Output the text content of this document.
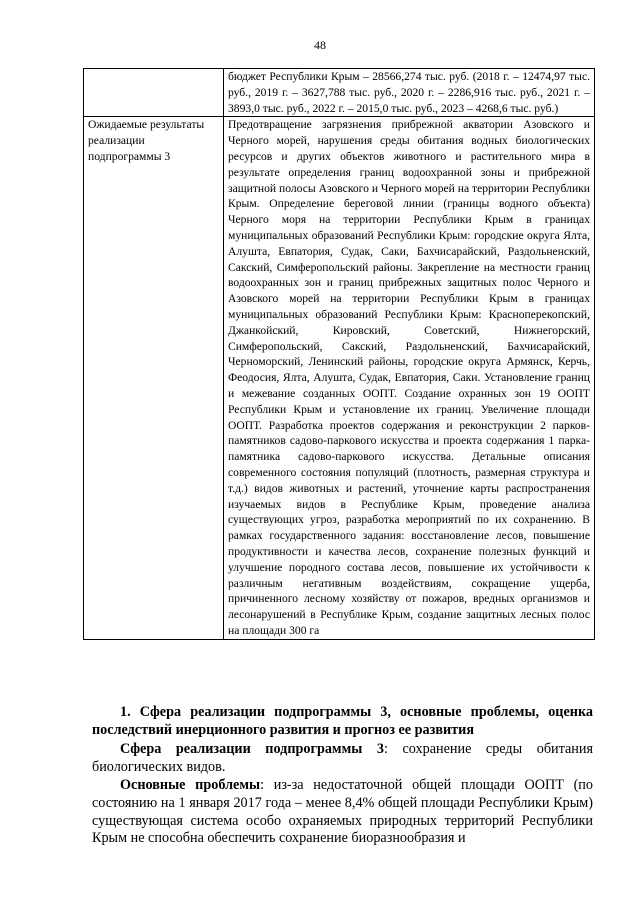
48
	бюджет Республики Крым – 28566,274 тыс. руб. (2018 г. – 12474,97 тыс. руб., 2019 г. – 3627,788 тыс. руб., 2020 г. – 2286,916 тыс. руб., 2021 г. – 3893,0 тыс. руб., 2022 г. – 2015,0 тыс. руб., 2023 – 4268,6 тыс. руб.)
Ожидаемые результаты реализации подпрограммы 3	Предотвращение загрязнения прибрежной акватории Азовского и Черного морей, нарушения среды обитания водных биологических ресурсов и других объектов животного и растительного мира в результате определения границ водоохранной зоны и прибрежной защитной полосы Азовского и Черного морей на территории Республики Крым. Определение береговой линии (границы водного объекта) Черного моря на территории Республики Крым в границах муниципальных образований Республики Крым: городские округа Ялта, Алушта, Евпатория, Судак, Саки, Бахчисарайский, Раздольненский, Сакский, Симферопольский районы. Закрепление на местности границ водоохранных зон и границ прибрежных защитных полос Черного и Азовского морей на территории Республики Крым в границах муниципальных образований Республики Крым: Красноперекопский, Джанкойский, Кировский, Советский, Нижнегорский, Симферопольский, Сакский, Раздольненский, Бахчисарайский, Черноморский, Ленинский районы, городские округа Армянск, Керчь, Феодосия, Ялта, Алушта, Судак, Евпатория, Саки. Установление границ и межевание созданных ООПТ. Создание охранных зон 19 ООПТ Республики Крым и установление их границ. Увеличение площади ООПТ. Разработка проектов содержания и реконструкции 2 парков-памятников садово-паркового искусства и проекта содержания 1 парка-памятника садово-паркового искусства. Детальные описания современного состояния популяций (плотность, размерная структура и т.д.) видов животных и растений, уточнение карты распространения изучаемых видов в Республике Крым, проведение анализа существующих угроз, разработка мероприятий по их сохранению. В рамках государственного задания: восстановление лесов, повышение продуктивности и качества лесов, сохранение полезных функций и улучшение породного состава лесов, повышение их устойчивости к различным негативным воздействиям, сокращение ущерба, причиненного лесному хозяйству от пожаров, вредных организмов и лесонарушений в Республике Крым, создание защитных лесных полос на площади 300 га
1. Сфера реализации подпрограммы 3, основные проблемы, оценка последствий инерционного развития и прогноз ее развития
Сфера реализации подпрограммы 3: сохранение среды обитания биологических видов.
Основные проблемы: из-за недостаточной общей площади ООПТ (по состоянию на 1 января 2017 года – менее 8,4% общей площади Республики Крым) существующая система особо охраняемых природных территорий Республики Крым не способна обеспечить сохранение биоразнообразия и
